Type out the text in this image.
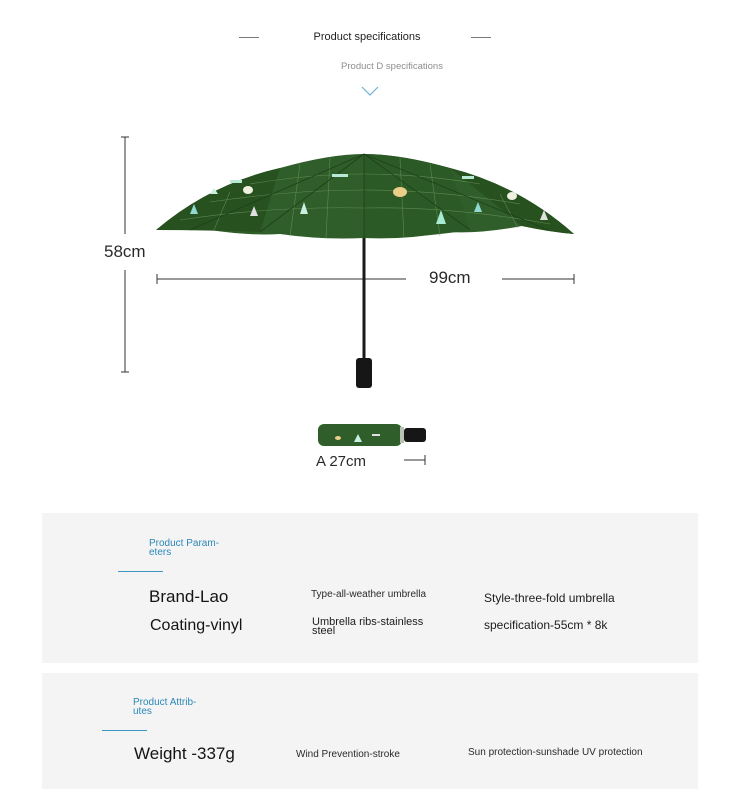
Product specifications
Product D specifications
58cm
99cm
A 27cm
Product Param-
eters
Brand-Lao
Coating-vinyl
Type-all-weather umbrella
Umbrella ribs-stainless
steel
Style-three-fold umbrella
specification-55cm * 8k
Product Attrib-
utes
Weight -337g	Wind Prevention-stroke	Sun protection-sunshade UV protection
